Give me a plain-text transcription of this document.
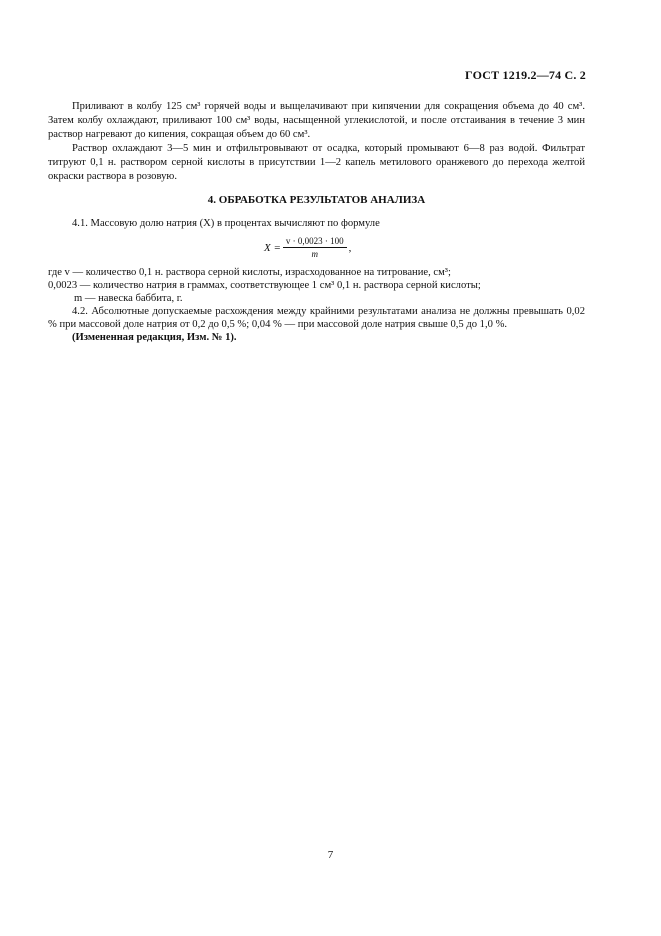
ГОСТ 1219.2—74 С. 2

Приливают в колбу 125 см³ горячей воды и выщелачивают при кипячении для сокращения объема до 40 см³. Затем колбу охлаждают, приливают 100 см³ воды, насыщенной углекислотой, и после отстаивания в течение 3 мин раствор нагревают до кипения, сокращая объем до 60 см³.

Раствор охлаждают 3—5 мин и отфильтровывают от осадка, который промывают 6—8 раз водой. Фильтрат титруют 0,1 н. раствором серной кислоты в присутствии 1—2 капель метилового оранжевого до перехода желтой окраски раствора в розовую.

4. ОБРАБОТКА РЕЗУЛЬТАТОВ АНАЛИЗА

4.1. Массовую долю натрия (X) в процентах вычисляют по формуле

$X = \frac{v \cdot 0,0023 \cdot 100}{m}$ ,
где v — количество 0,1 н. раствора серной кислоты, израсходованное на титрование, см³;
0,0023 — количество натрия в граммах, соответствующее 1 см³ 0,1 н. раствора серной кислоты;
m — навеска баббита, г.

4.2. Абсолютные допускаемые расхождения между крайними результатами анализа не должны превышать 0,02 % при массовой доле натрия от 0,2 до 0,5 %; 0,04 % — при массовой доле натрия свыше 0,5 до 1,0 %.

(Измененная редакция, Изм. № 1).

7
